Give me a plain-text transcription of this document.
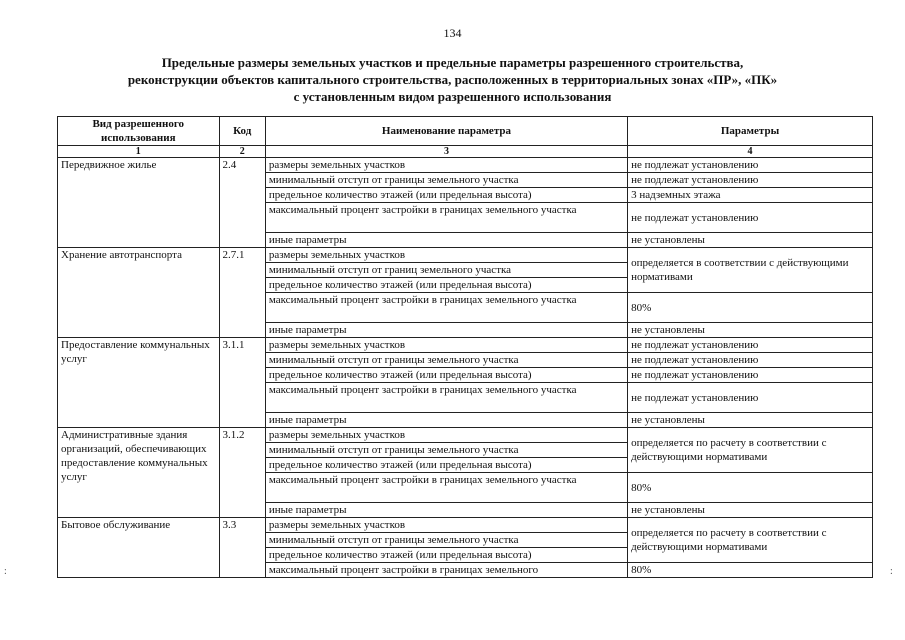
134
Предельные размеры земельных участков и предельные параметры разрешенного строительства,
реконструкции объектов капитального строительства, расположенных в территориальных зонах «ПР», «ПК»
с установленным видом разрешенного использования
:	:
Вид разрешенного использования	Код	Наименование параметра	Параметры
1	2	3	4
Передвижное жилье	2.4	размеры земельных участков	не подлежат установлению
		минимальный отступ от границы земельного участка	не подлежат установлению
		предельное количество этажей (или предельная высота)	3 надземных этажа
		максимальный процент застройки в границах земельного участка	не подлежат установлению
		иные параметры	не установлены
Хранение автотранспорта	2.7.1	размеры земельных участков	определяется в соответствии с действующими нормативами
		минимальный отступ от границ земельного участка	
		предельное количество этажей (или предельная высота)	
		максимальный процент застройки в границах земельного участка	80%
		иные параметры	не установлены
Предоставление коммунальных услуг	3.1.1	размеры земельных участков	не подлежат установлению
		минимальный отступ от границы земельного участка	не подлежат установлению
		предельное количество этажей (или предельная высота)	не подлежат установлению
		максимальный процент застройки в границах земельного участка	не подлежат установлению
		иные параметры	не установлены
Административные здания организаций, обеспечивающих предоставление коммунальных услуг	3.1.2	размеры земельных участков	определяется по расчету в соответствии с действующими нормативами
		минимальный отступ от границы земельного участка	
		предельное количество этажей (или предельная высота)	
		максимальный процент застройки в границах земельного участка	80%
		иные параметры	не установлены
Бытовое обслуживание	3.3	размеры земельных участков	определяется по расчету в соответствии с действующими нормативами
		минимальный отступ от границы земельного участка	
		предельное количество этажей (или предельная высота)	
		максимальный процент застройки в границах земельного	80%
